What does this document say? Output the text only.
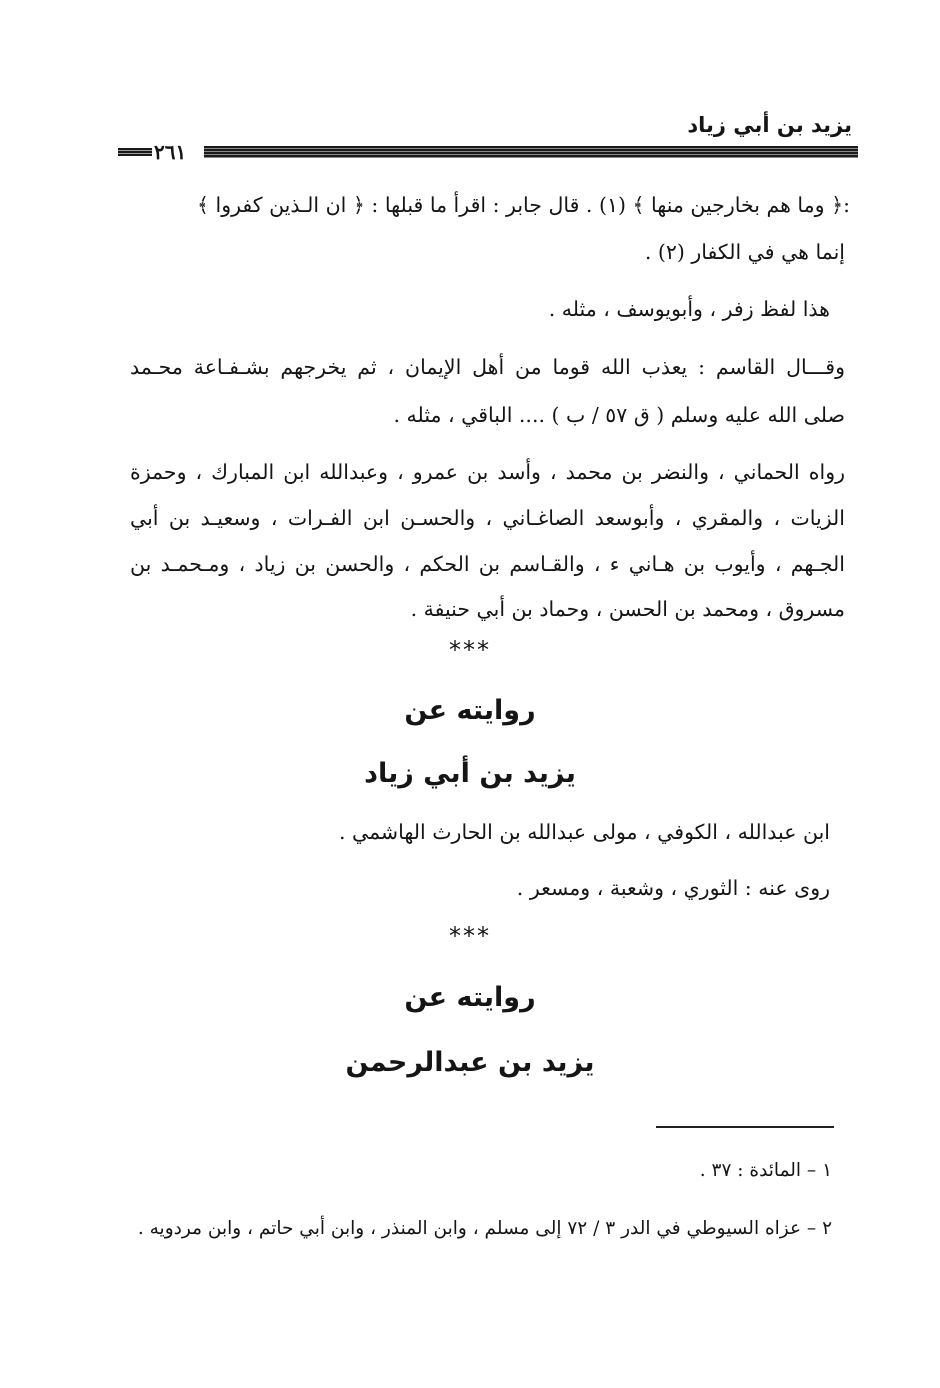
يزيد بن أبي زياد
٢٦١
:﴿ وما هم بخارجين منها ﴾ (١) . قال جابر : اقرأ ما قبلها : ﴿ ان الـذين كفروا ﴾
إنما هي في الكفار (٢) .
هذا لفظ زفر ، وأبويوسف ، مثله .
وقـــال القاسم : يعذب الله قوما من أهل الإيمان ، ثم يخرجهم بشـفـاعة محـمد
صلى الله عليه وسلم ( ق ٥٧ / ب ) .... الباقي ، مثله .
رواه الحماني ، والنضر بن محمد ، وأسد بن عمرو ، وعبدالله ابن المبارك ، وحمزة
الزيات ، والمقري ، وأبوسعد الصاغـاني ، والحسـن ابن الفـرات ، وسعيـد بن أبي
الجـهم ، وأيوب بن هـاني ء ، والقـاسم بن الحكم ، والحسن بن زياد ، ومـحمـد بن
مسروق ، ومحمد بن الحسن ، وحماد بن أبي حنيفة .
***
روايته عن
يزيد بن أبي زياد
ابن عبدالله ، الكوفي ، مولى عبدالله بن الحارث الهاشمي .
روى عنه : الثوري ، وشعبة ، ومسعر .
***
روايته عن
يزيد بن عبدالرحمن
١ – المائدة : ٣٧ .
٢ – عزاه السيوطي في الدر ٣ / ٧٢ إلى مسلم ، وابن المنذر ، وابن أبي حاتم ، وابن مردويه .
